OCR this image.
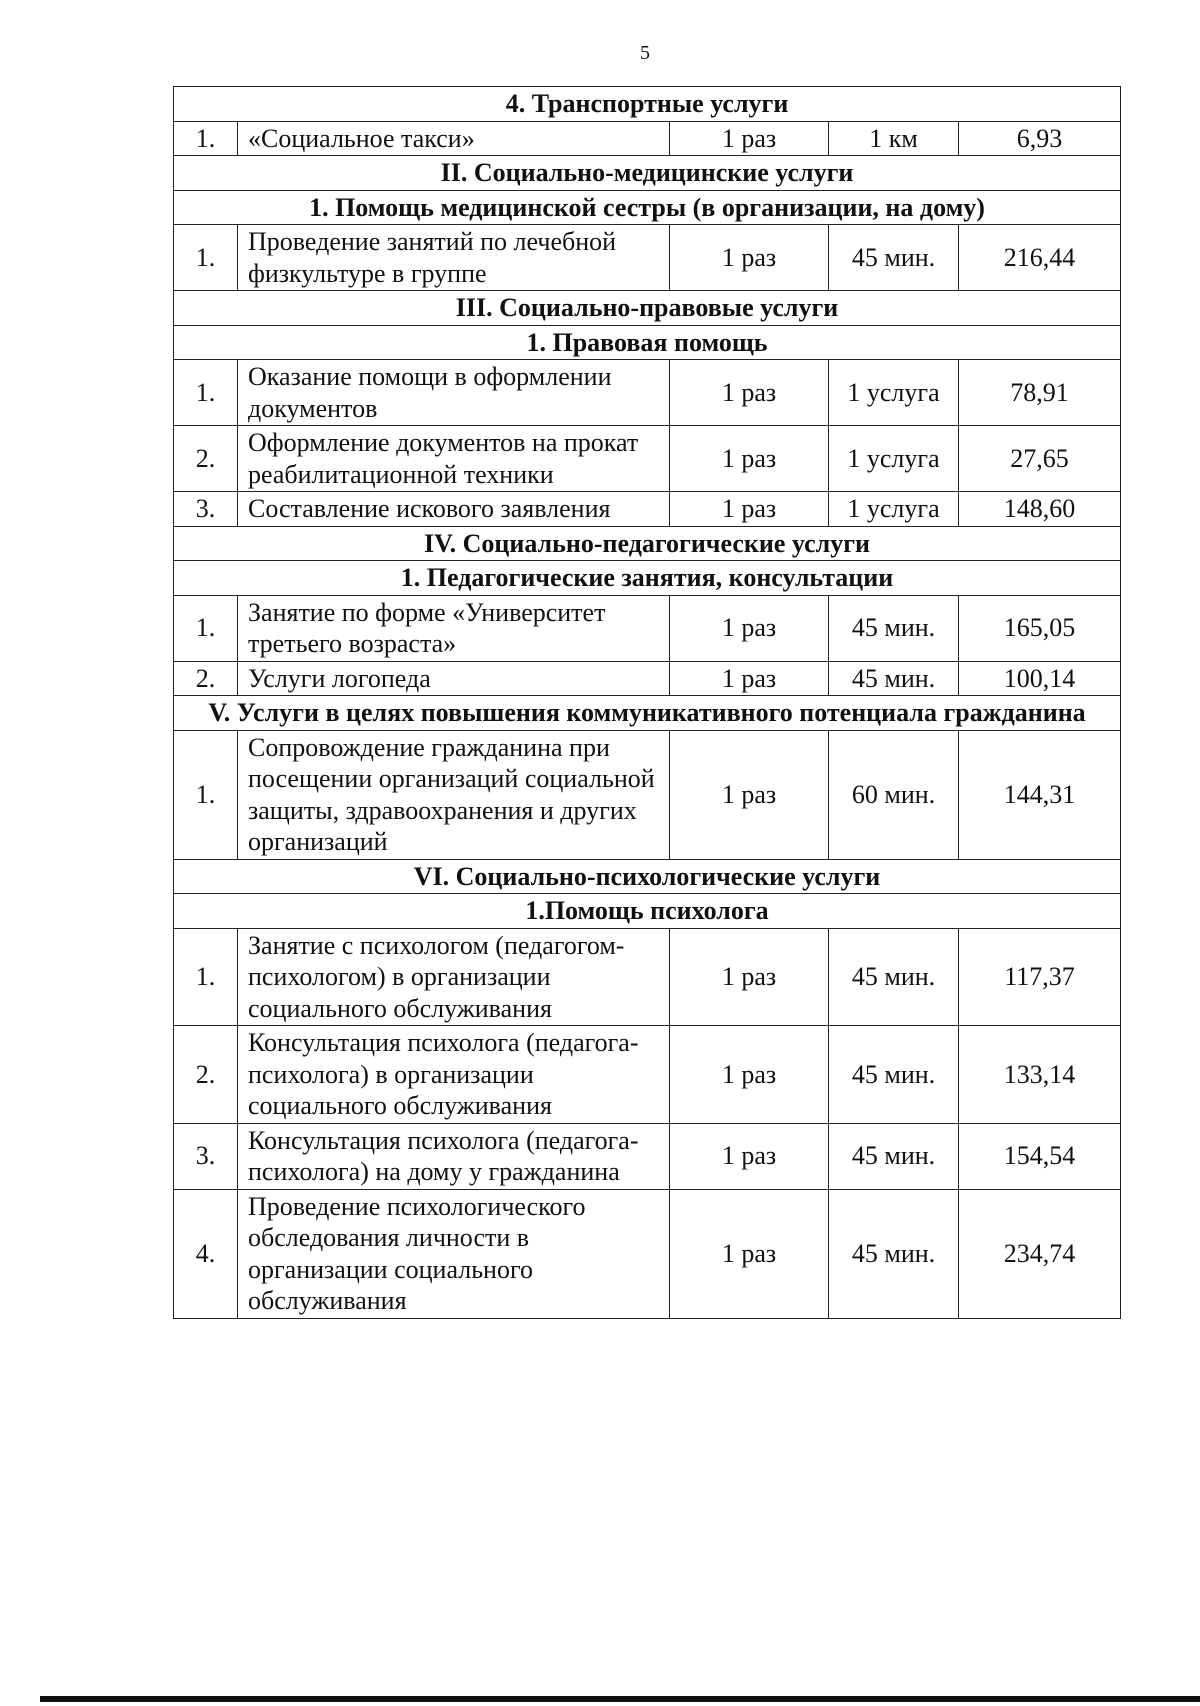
5
4. Транспортные услуги				
1.	«Социальное такси»	1 раз	1 км	6,93
II. Социально-медицинские услуги				
1. Помощь медицинской сестры (в организации, на дому)				
1.	Проведение занятий по лечебной физкультуре в группе	1 раз	45 мин.	216,44
III. Социально-правовые услуги				
1. Правовая помощь				
1.	Оказание помощи в оформлении документов	1 раз	1 услуга	78,91
2.	Оформление документов на прокат реабилитационной техники	1 раз	1 услуга	27,65
3.	Составление искового заявления	1 раз	1 услуга	148,60
IV. Социально-педагогические услуги				
1. Педагогические занятия, консультации				
1.	Занятие по форме «Университет третьего возраста»	1 раз	45 мин.	165,05
2.	Услуги логопеда	1 раз	45 мин.	100,14
V. Услуги в целях повышения коммуникативного потенциала гражданина				
1.	Сопровождение гражданина при посещении организаций социальной защиты, здравоохранения и других организаций	1 раз	60 мин.	144,31
VI. Социально-психологические услуги				
1.Помощь психолога				
1.	Занятие с психологом (педагогом-психологом) в организации социального обслуживания	1 раз	45 мин.	117,37
2.	Консультация психолога (педагога-психолога) в организации социального обслуживания	1 раз	45 мин.	133,14
3.	Консультация психолога (педагога-психолога) на дому у гражданина	1 раз	45 мин.	154,54
4.	Проведение психологического обследования личности в организации социального обслуживания	1 раз	45 мин.	234,74
